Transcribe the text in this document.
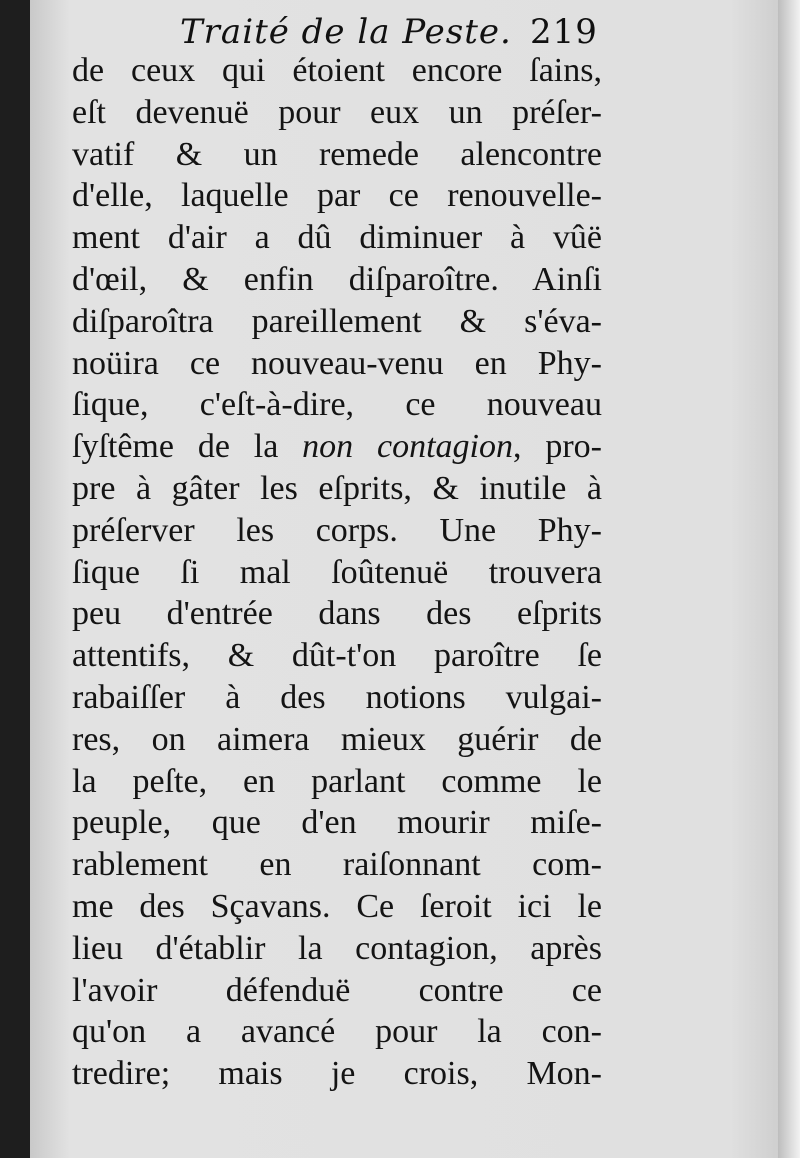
Traité de la Peste. 219
de ceux qui étoient encore ſains,
eſt devenuë pour eux un préſer-
vatif & un remede alencontre
d'elle, laquelle par ce renouvelle-
ment d'air a dû diminuer à vûë
d'œil, & enfin diſparoître. Ainſi
diſparoîtra pareillement & s'éva-
noüira ce nouveau-venu en Phy-
ſique, c'eſt-à-dire, ce nouveau
ſyſtême de la non contagion, pro-
pre à gâter les eſprits, & inutile à
préſerver les corps. Une Phy-
ſique ſi mal ſoûtenuë trouvera
peu d'entrée dans des eſprits
attentifs, & dût-t'on paroître ſe
rabaiſſer à des notions vulgai-
res, on aimera mieux guérir de
la peſte, en parlant comme le
peuple, que d'en mourir miſe-
rablement en raiſonnant com-
me des Sçavans. Ce ſeroit ici le
lieu d'établir la contagion, après
l'avoir défenduë contre ce
qu'on a avancé pour la con-
tredire; mais je crois, Mon-
